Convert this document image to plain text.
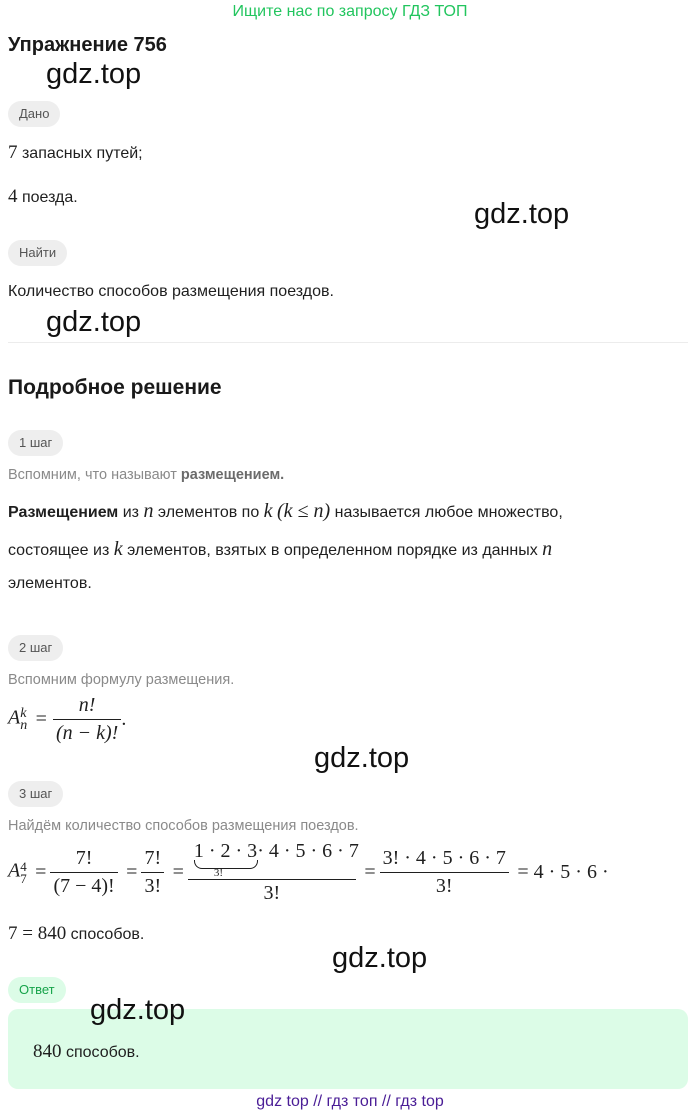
Ищите нас по запросу ГДЗ ТОП
Упражнение 756
gdz.top
gdz.top
gdz.top
gdz.top
gdz.top
Дано
7 запасных путей;
4 поезда.
Найти
Количество способов размещения поездов.
Подробное решение
1 шаг
Вспомним, что называют размещением.
Размещением из n элементов по k (k ≤ n) называется любое множество,
состоящее из k элементов, взятых в определенном порядке из данных n
элементов.
2 шаг
Вспомним формулу размещения.
A k
$n = \frac{n!}{(n - k)!}$ .
3 шаг
Найдём количество способов размещения поездов.
A 4
$7 = \frac{7!}{(7 - 4)!} = \frac{7!}{3!} = 1 \cdot 2 \cdot 3\cdot 4 \cdot 5 \cdot 6 \cdot 7$
3!
3! = $\frac{3! \cdot 4 \cdot 5 \cdot 6 \cdot 7}{3!} = 4 \cdot 5 \cdot 6$ ·
7 = 840 способов.
Ответ
840 способов.
gdz.top
gdz top // гдз топ // гдз top
